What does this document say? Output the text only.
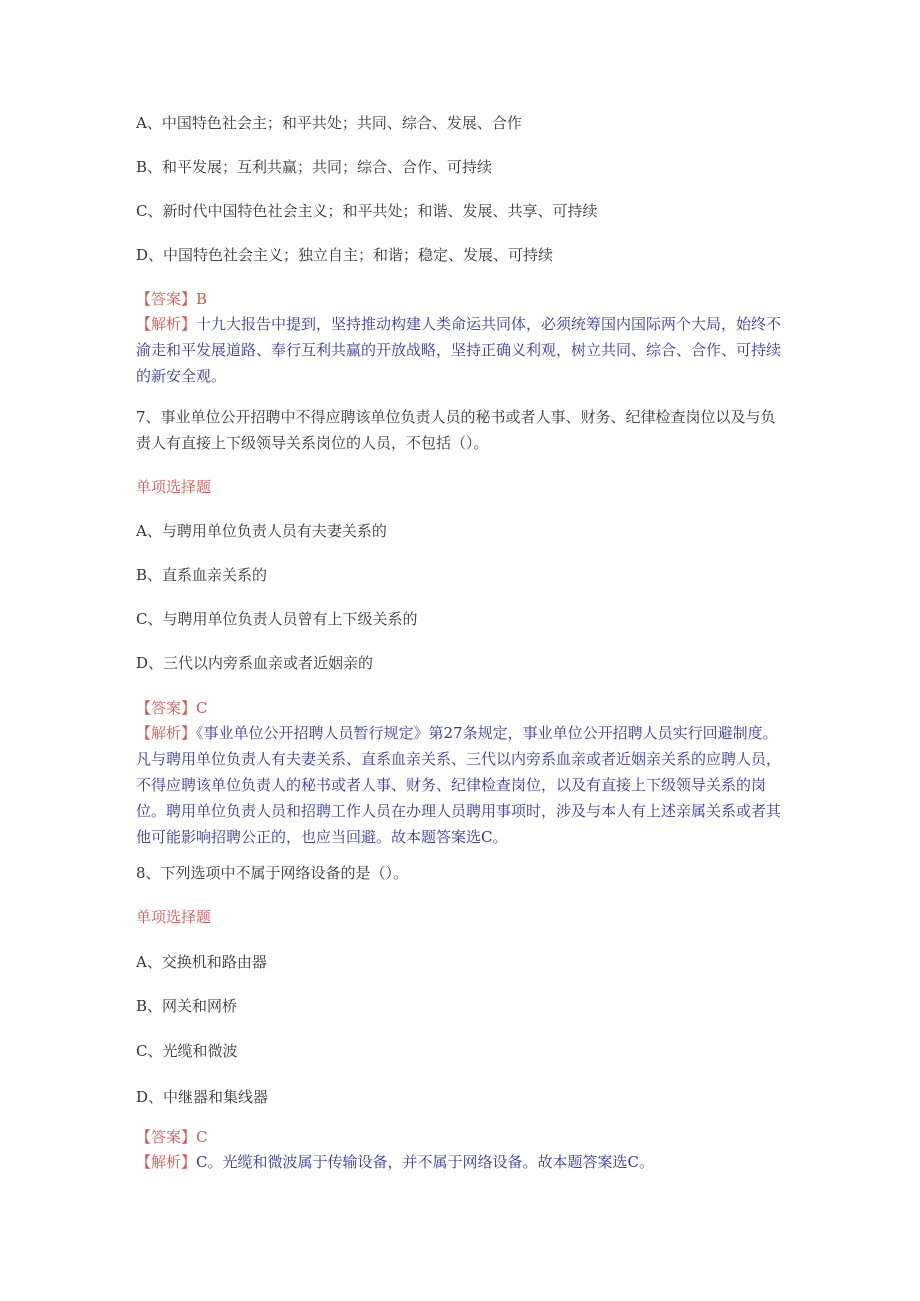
A、中国特色社会主；和平共处；共同、综合、发展、合作
B、和平发展；互利共赢；共同；综合、合作、可持续
C、新时代中国特色社会主义；和平共处；和谐、发展、共享、可持续
D、中国特色社会主义；独立自主；和谐；稳定、发展、可持续
【答案】B
【解析】十九大报告中提到，坚持推动构建人类命运共同体，必须统筹国内国际两个大局，始终不渝走和平发展道路、奉行互利共赢的开放战略，坚持正确义利观，树立共同、综合、合作、可持续的新安全观。
7、事业单位公开招聘中不得应聘该单位负责人员的秘书或者人事、财务、纪律检查岗位以及与负责人有直接上下级领导关系岗位的人员，不包括（）。
单项选择题
A、与聘用单位负责人员有夫妻关系的
B、直系血亲关系的
C、与聘用单位负责人员曾有上下级关系的
D、三代以内旁系血亲或者近姻亲的
【答案】C
【解析】《事业单位公开招聘人员暂行规定》第27条规定，事业单位公开招聘人员实行回避制度。凡与聘用单位负责人有夫妻关系、直系血亲关系、三代以内旁系血亲或者近姻亲关系的应聘人员，不得应聘该单位负责人的秘书或者人事、财务、纪律检查岗位，以及有直接上下级领导关系的岗位。聘用单位负责人员和招聘工作人员在办理人员聘用事项时，涉及与本人有上述亲属关系或者其他可能影响招聘公正的，也应当回避。故本题答案选C。
8、下列选项中不属于网络设备的是（）。
单项选择题
A、交换机和路由器
B、网关和网桥
C、光缆和微波
D、中继器和集线器
【答案】C
【解析】C。光缆和微波属于传输设备，并不属于网络设备。故本题答案选C。
